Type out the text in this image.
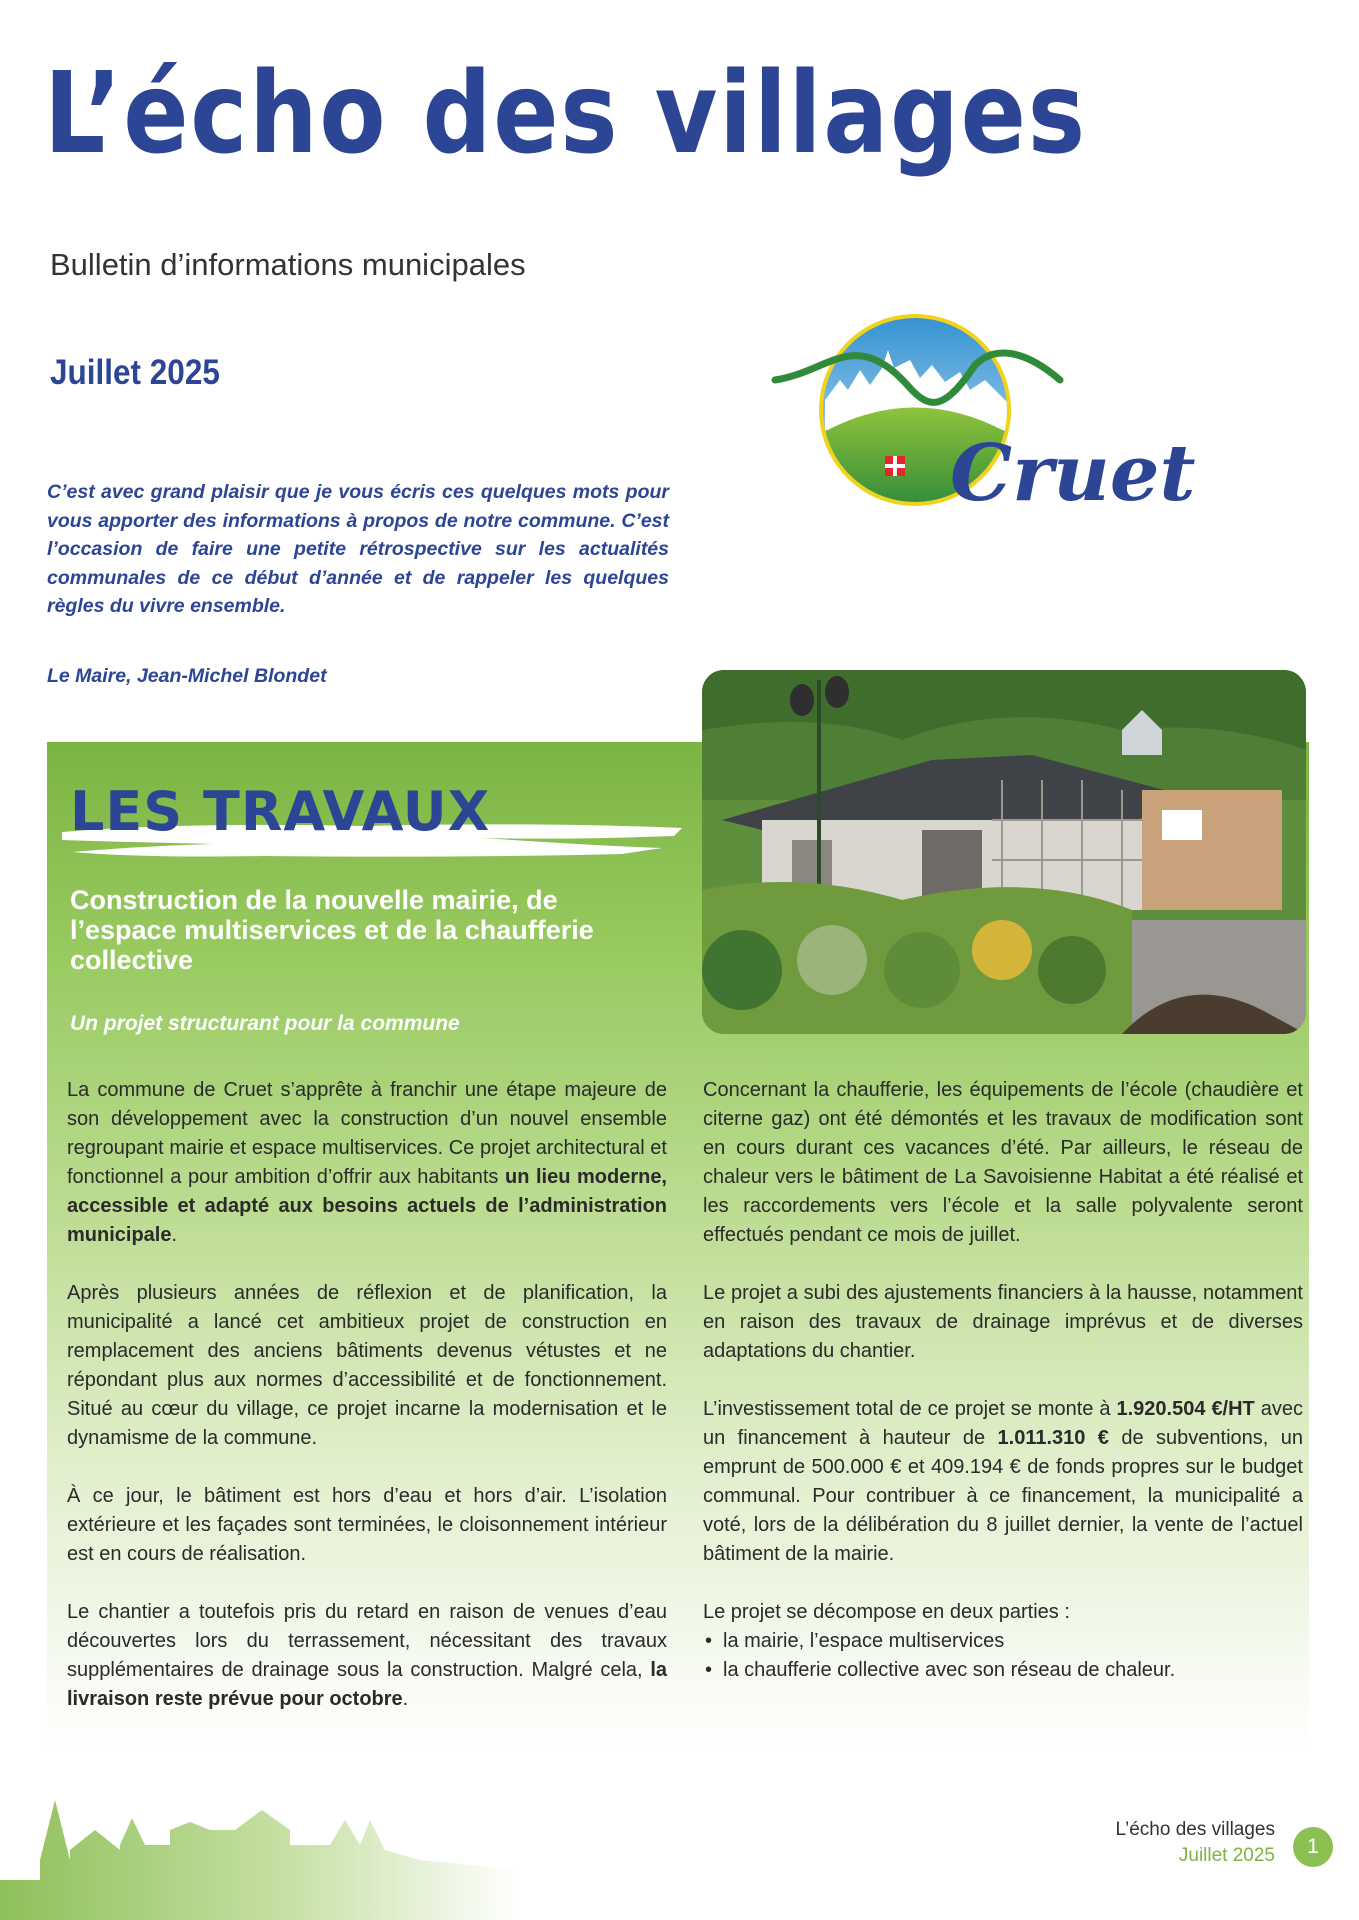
L’écho des villages
Bulletin d’informations municipales
Juillet 2025
Cruet

C’est avec grand plaisir que je vous écris ces quelques mots pour vous apporter des informations à propos de notre commune. C’est l’occasion de faire une petite rétrospective sur les actualités communales de ce début d’année et de rappeler les quelques règles du vivre ensemble.

Le Maire, Jean-Michel Blondet
LES TRAVAUX
Construction de la nouvelle mairie, de l’espace multiservices et de la chaufferie collective
Un projet structurant pour la commune

La commune de Cruet s’apprête à franchir une étape majeure de son développement avec la construction d’un nouvel ensemble regroupant mairie et espace multiservices. Ce projet architectural et fonctionnel a pour ambition d’offrir aux habitants un lieu moderne, accessible et adapté aux besoins actuels de l’administration municipale.

Après plusieurs années de réflexion et de planification, la municipalité a lancé cet ambitieux projet de construction en remplacement des anciens bâtiments devenus vétustes et ne répondant plus aux normes d’accessibilité et de fonctionnement. Situé au cœur du village, ce projet incarne la modernisation et le dynamisme de la commune.

À ce jour, le bâtiment est hors d’eau et hors d’air. L’isolation extérieure et les façades sont terminées, le cloisonnement intérieur est en cours de réalisation.

Le chantier a toutefois pris du retard en raison de venues d’eau découvertes lors du terrassement, nécessitant des travaux supplémentaires de drainage sous la construction. Malgré cela, la livraison reste prévue pour octobre.

Concernant la chaufferie, les équipements de l’école (chaudière et citerne gaz) ont été démontés et les travaux de modification sont en cours durant ces vacances d’été. Par ailleurs, le réseau de chaleur vers le bâtiment de La Savoisienne Habitat a été réalisé et les raccordements vers l’école et la salle polyvalente seront effectués pendant ce mois de juillet.

Le projet a subi des ajustements financiers à la hausse, notamment en raison des travaux de drainage imprévus et de diverses adaptations du chantier.

L’investissement total de ce projet se monte à 1.920.504 €/HT avec un financement à hauteur de 1.011.310 € de subventions, un emprunt de 500.000 € et 409.194 € de fonds propres sur le budget communal. Pour contribuer à ce financement, la municipalité a voté, lors de la délibération du 8 juillet dernier, la vente de l’actuel bâtiment de la mairie.

Le projet se décompose en deux parties :

• la mairie, l’espace multiservices
• la chaufferie collective avec son réseau de chaleur.
L’écho des villages
Juillet 2025	1
